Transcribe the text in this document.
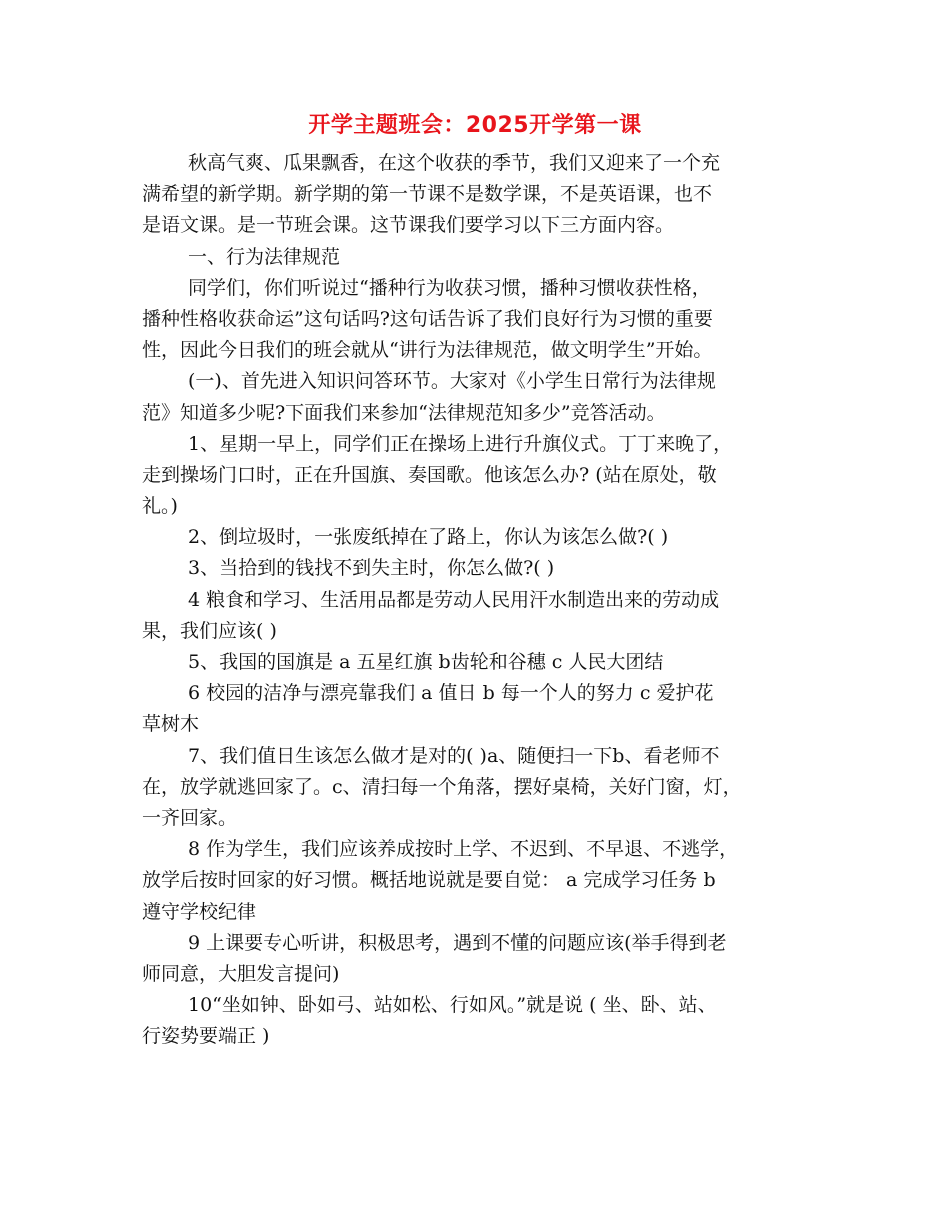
开学主题班会：2025开学第一课
秋高气爽、瓜果飘香，在这个收获的季节，我们又迎来了一个充
满希望的新学期。新学期的第一节课不是数学课，不是英语课，也不
是语文课。是一节班会课。这节课我们要学习以下三方面内容。
一、行为法律规范
同学们，你们听说过“播种行为收获习惯，播种习惯收获性格，
播种性格收获命运”这句话吗?这句话告诉了我们良好行为习惯的重要
性，因此今日我们的班会就从“讲行为法律规范，做文明学生”开始。
(一)、首先进入知识问答环节。大家对《小学生日常行为法律规
范》知道多少呢?下面我们来参加“法律规范知多少”竞答活动。
1、星期一早上，同学们正在操场上进行升旗仪式。丁丁来晚了，
走到操场门口时，正在升国旗、奏国歌。他该怎么办? (站在原处，敬
礼。)
2、倒垃圾时，一张废纸掉在了路上，你认为该怎么做?( )
3、当拾到的钱找不到失主时，你怎么做?( )
4 粮食和学习、生活用品都是劳动人民用汗水制造出来的劳动成
果，我们应该( )
5、我国的国旗是 a 五星红旗 b齿轮和谷穗 c 人民大团结
6 校园的洁净与漂亮靠我们 a 值日 b 每一个人的努力 c 爱护花
草树木
7、我们值日生该怎么做才是对的( )a、随便扫一下b、看老师不
在，放学就逃回家了。c、清扫每一个角落，摆好桌椅，关好门窗，灯，
一齐回家。
8 作为学生，我们应该养成按时上学、不迟到、不早退、不逃学，
放学后按时回家的好习惯。概括地说就是要自觉： a 完成学习任务 b
遵守学校纪律
9 上课要专心听讲，积极思考，遇到不懂的问题应该(举手得到老
师同意，大胆发言提问)
10“坐如钟、卧如弓、站如松、行如风。”就是说 ( 坐、卧、站、
行姿势要端正 )
